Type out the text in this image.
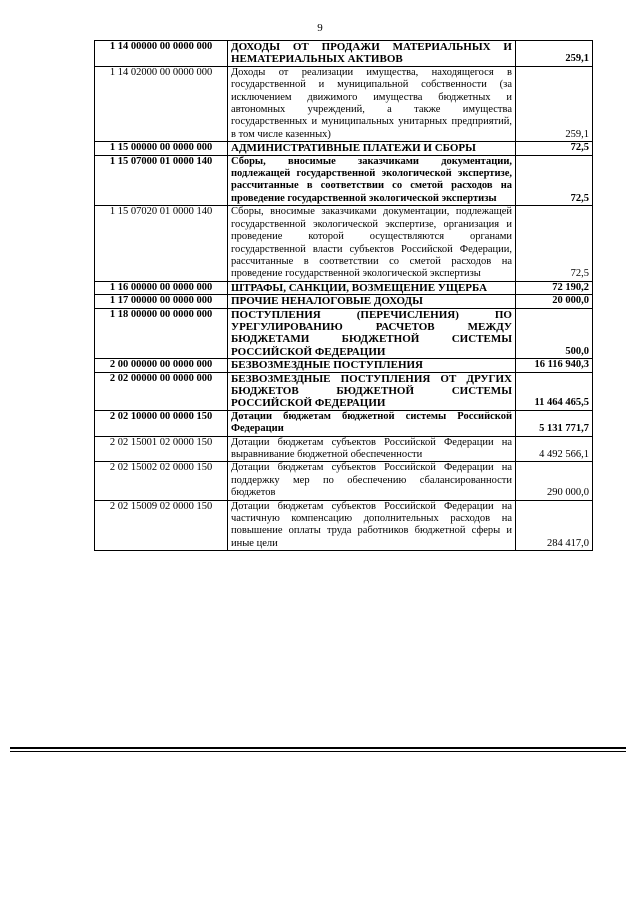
9
1 14 00000 00 0000 000	ДОХОДЫ ОТ ПРОДАЖИ МАТЕРИАЛЬНЫХ И НЕМАТЕРИАЛЬНЫХ АКТИВОВ	259,1
1 14 02000 00 0000 000	Доходы от реализации имущества, находящегося в государственной и муниципальной собственности (за исключением движимого имущества бюджетных и автономных учреждений, а также имущества государственных и муниципальных унитарных предприятий, в том числе казенных)	259,1
1 15 00000 00 0000 000	АДМИНИСТРАТИВНЫЕ ПЛАТЕЖИ И СБОРЫ	72,5
1 15 07000 01 0000 140	Сборы, вносимые заказчиками документации, подлежащей государственной экологической экспертизе, рассчитанные в соответствии со сметой расходов на проведение государственной экологической экспертизы	72,5
1 15 07020 01 0000 140	Сборы, вносимые заказчиками документации, подлежащей государственной экологической экспертизе, организация и проведение которой осуществляются органами государственной власти субъектов Российской Федерации, рассчитанные в соответствии со сметой расходов на проведение государственной экологической экспертизы	72,5
1 16 00000 00 0000 000	ШТРАФЫ, САНКЦИИ, ВОЗМЕЩЕНИЕ УЩЕРБА	72 190,2
1 17 00000 00 0000 000	ПРОЧИЕ НЕНАЛОГОВЫЕ ДОХОДЫ	20 000,0
1 18 00000 00 0000 000	ПОСТУПЛЕНИЯ (ПЕРЕЧИСЛЕНИЯ) ПО УРЕГУЛИРОВАНИЮ РАСЧЕТОВ МЕЖДУ БЮДЖЕТАМИ БЮДЖЕТНОЙ СИСТЕМЫ РОССИЙСКОЙ ФЕДЕРАЦИИ	500,0
2 00 00000 00 0000 000	БЕЗВОЗМЕЗДНЫЕ ПОСТУПЛЕНИЯ	16 116 940,3
2 02 00000 00 0000 000	БЕЗВОЗМЕЗДНЫЕ ПОСТУПЛЕНИЯ ОТ ДРУГИХ БЮДЖЕТОВ БЮДЖЕТНОЙ СИСТЕМЫ РОССИЙСКОЙ ФЕДЕРАЦИИ	11 464 465,5
2 02 10000 00 0000 150	Дотации бюджетам бюджетной системы Российской Федерации	5 131 771,7
2 02 15001 02 0000 150	Дотации бюджетам субъектов Российской Федерации на выравнивание бюджетной обеспеченности	4 492 566,1
2 02 15002 02 0000 150	Дотации бюджетам субъектов Российской Федерации на поддержку мер по обеспечению сбалансированности бюджетов	290 000,0
2 02 15009 02 0000 150	Дотации бюджетам субъектов Российской Федерации на частичную компенсацию дополнительных расходов на повышение оплаты труда работников бюджетной сферы и иные цели	284 417,0
